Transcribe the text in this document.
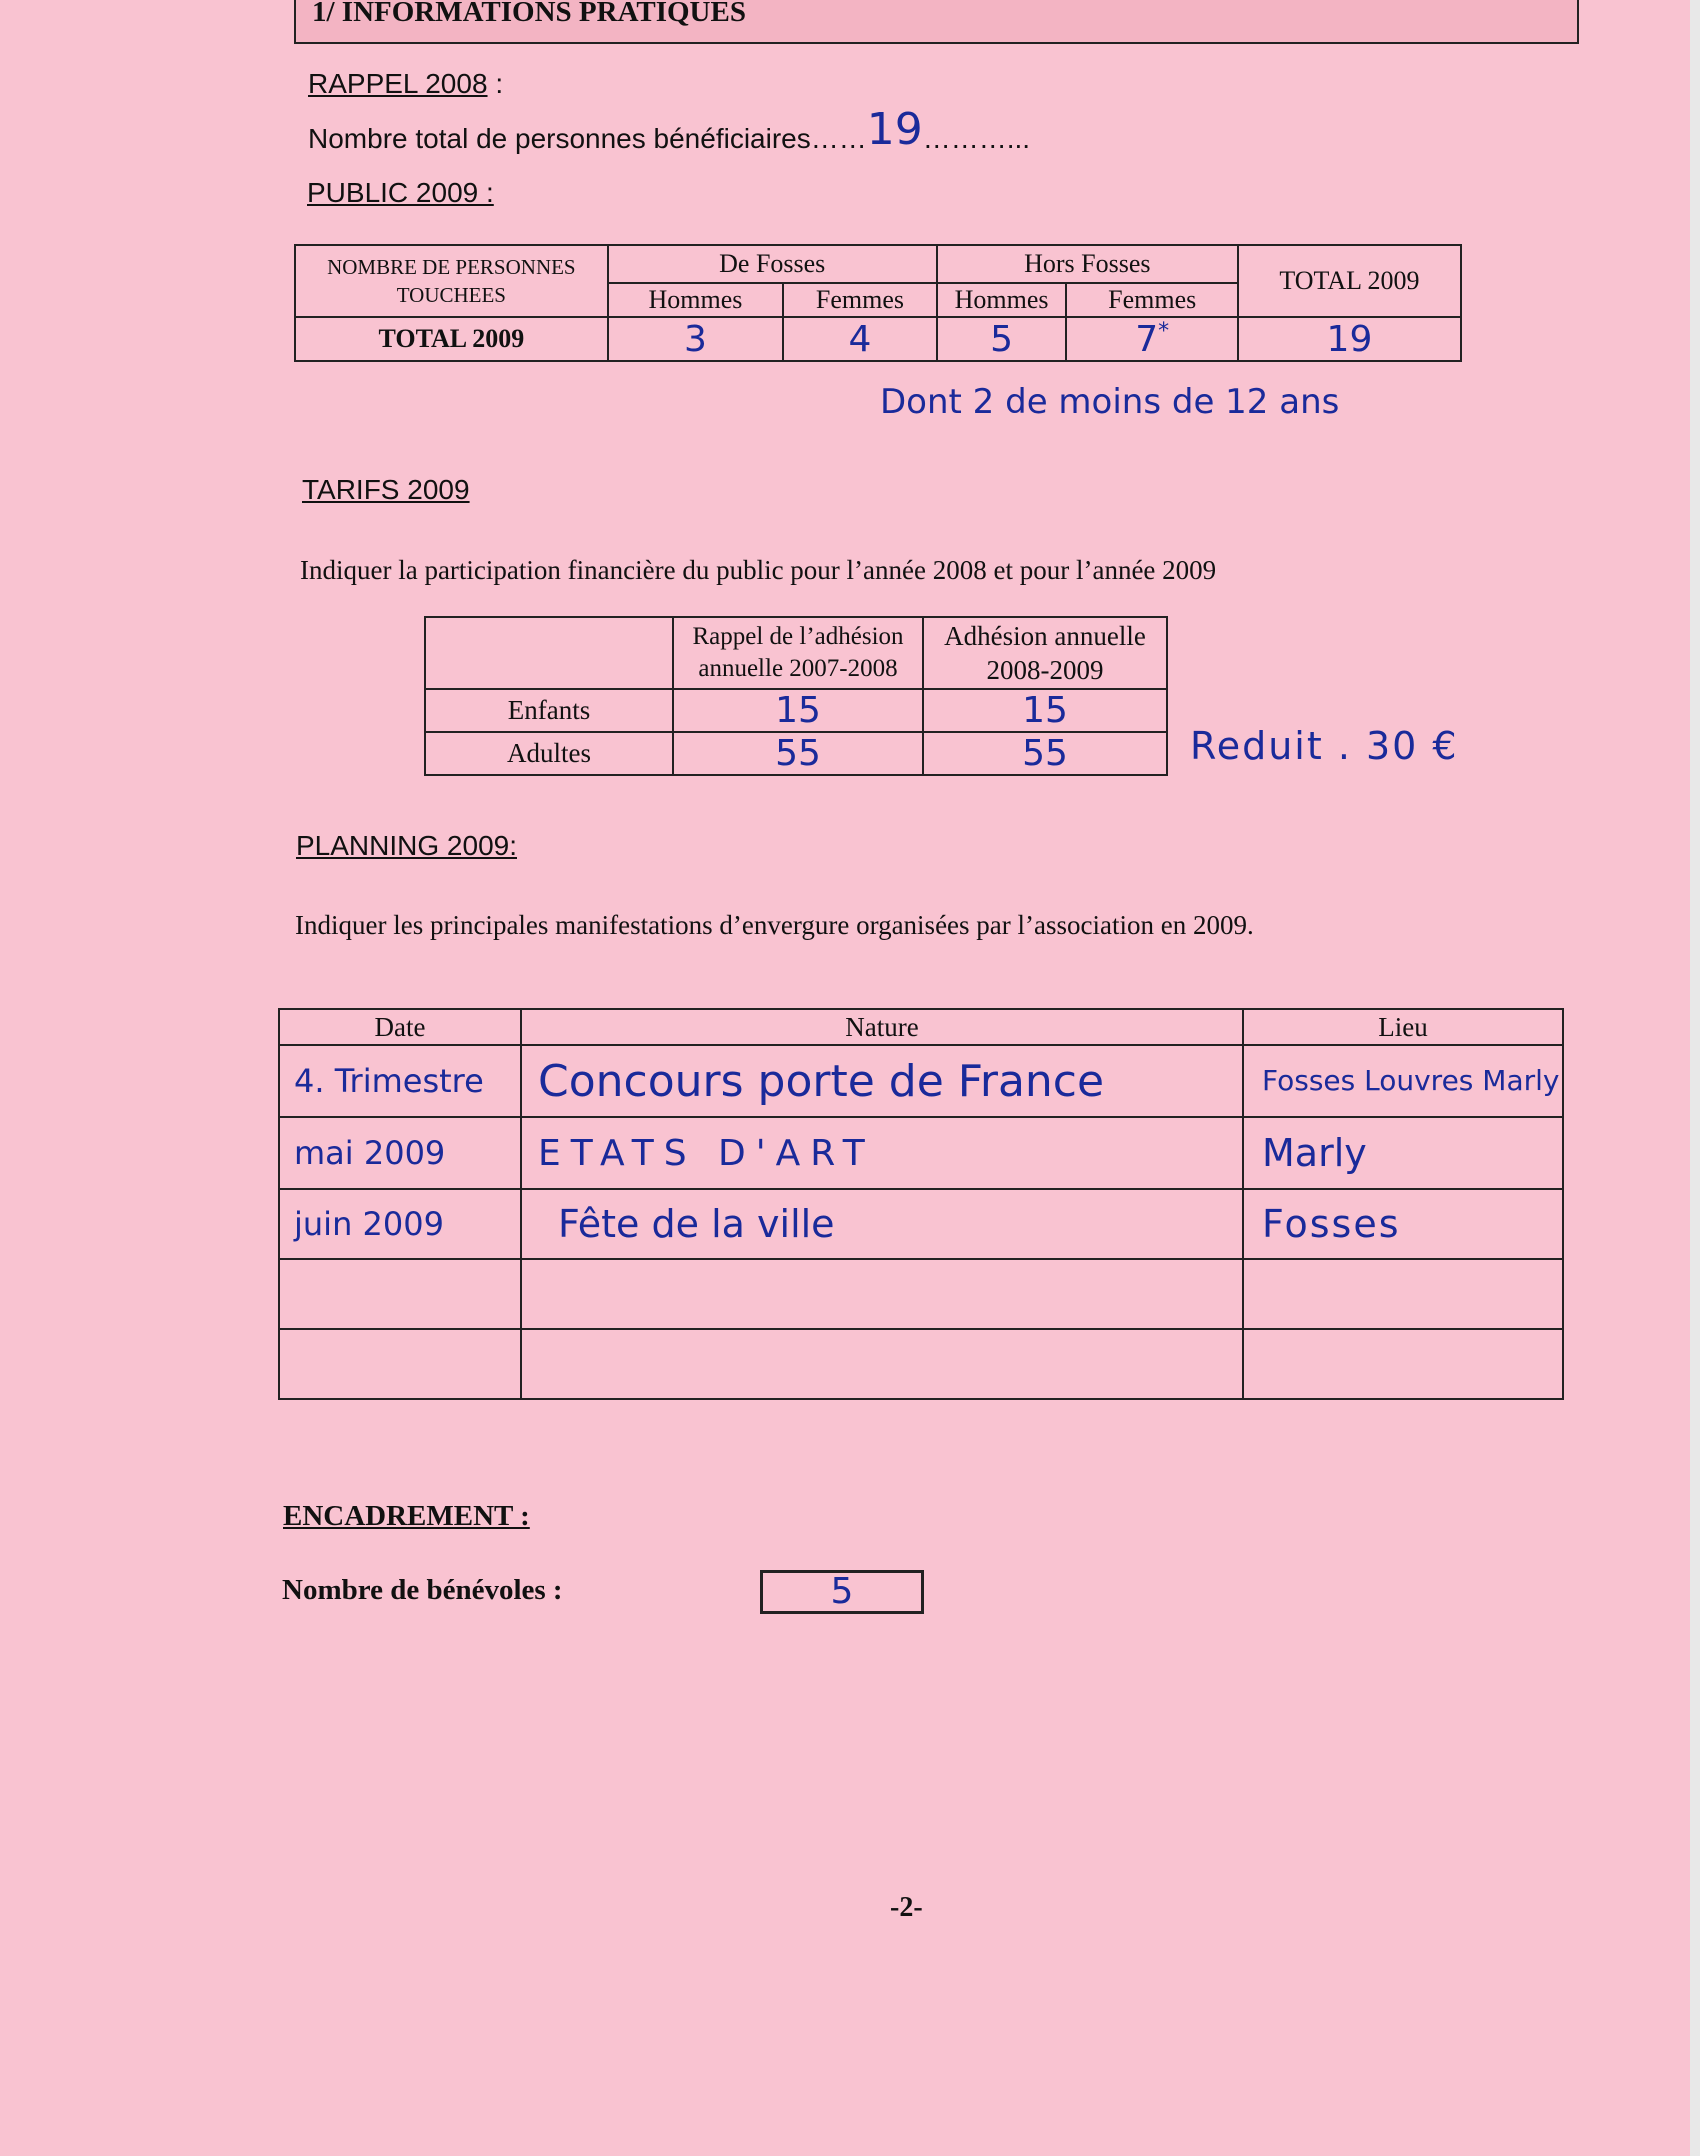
1/ INFORMATIONS PRATIQUES
RAPPEL 2008 :
Nombre total de personnes bénéficiaires……19………...
PUBLIC 2009 :
NOMBRE DE PERSONNES TOUCHEES	De Fosses		Hors Fosses		TOTAL 2009
	Hommes	Femmes	Hommes	Femmes	
TOTAL 2009	3	4	5	7*	19
Dont 2 de moins de 12 ans
TARIFS 2009
Indiquer la participation financière du public pour l’année 2008 et pour l’année 2009
	Rappel de l’adhésion annuelle 2007-2008	Adhésion annuelle 2008-2009
Enfants	15	15
Adultes	55	55	Reduit . 30 €
PLANNING 2009:
Indiquer les principales manifestations d’envergure organisées par l’association en 2009.
Date	Nature	Lieu
4. Trimestre	Concours porte de France	Fosses Louvres Marly
mai 2009	ETATS D'ART	Marly
juin 2009	Fête de la ville	Fosses

ENCADREMENT :
Nombre de bénévoles :	5
-2-
